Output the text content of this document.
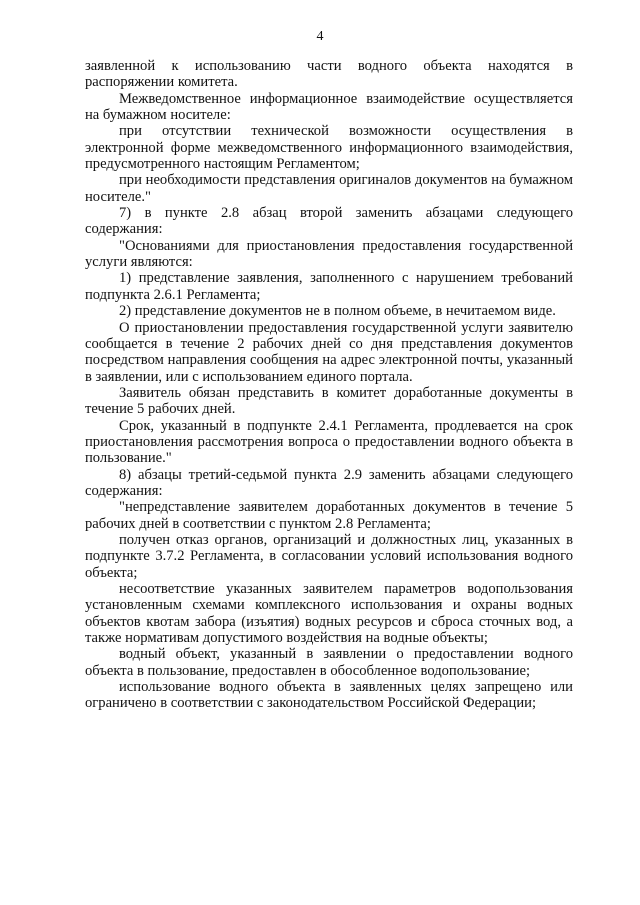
4

заявленной к использованию части водного объекта находятся в распоряжении комитета.

Межведомственное информационное взаимодействие осуществляется на бумажном носителе:

при отсутствии технической возможности осуществления в электронной форме межведомственного информационного взаимодействия, предусмотренного настоящим Регламентом;

при необходимости представления оригиналов документов на бумажном носителе."

7) в пункте 2.8 абзац второй заменить абзацами следующего содержания:

"Основаниями для приостановления предоставления государственной услуги являются:

1) представление заявления, заполненного с нарушением требований подпункта 2.6.1 Регламента;

2) представление документов не в полном объеме, в нечитаемом виде.

О приостановлении предоставления государственной услуги заявителю сообщается в течение 2 рабочих дней со дня представления документов посредством направления сообщения на адрес электронной почты, указанный в заявлении, или с использованием единого портала.

Заявитель обязан представить в комитет доработанные документы в течение 5 рабочих дней.

Срок, указанный в подпункте 2.4.1 Регламента, продлевается на срок приостановления рассмотрения вопроса о предоставлении водного объекта в пользование."

8) абзацы третий-седьмой пункта 2.9 заменить абзацами следующего содержания:

"непредставление заявителем доработанных документов в течение 5 рабочих дней в соответствии с пунктом 2.8 Регламента;

получен отказ органов, организаций и должностных лиц, указанных в подпункте 3.7.2 Регламента, в согласовании условий использования водного объекта;

несоответствие указанных заявителем параметров водопользования установленным схемами комплексного использования и охраны водных объектов квотам забора (изъятия) водных ресурсов и сброса сточных вод, а также нормативам допустимого воздействия на водные объекты;

водный объект, указанный в заявлении о предоставлении водного объекта в пользование, предоставлен в обособленное водопользование;

использование водного объекта в заявленных целях запрещено или ограничено в соответствии с законодательством Российской Федерации;
